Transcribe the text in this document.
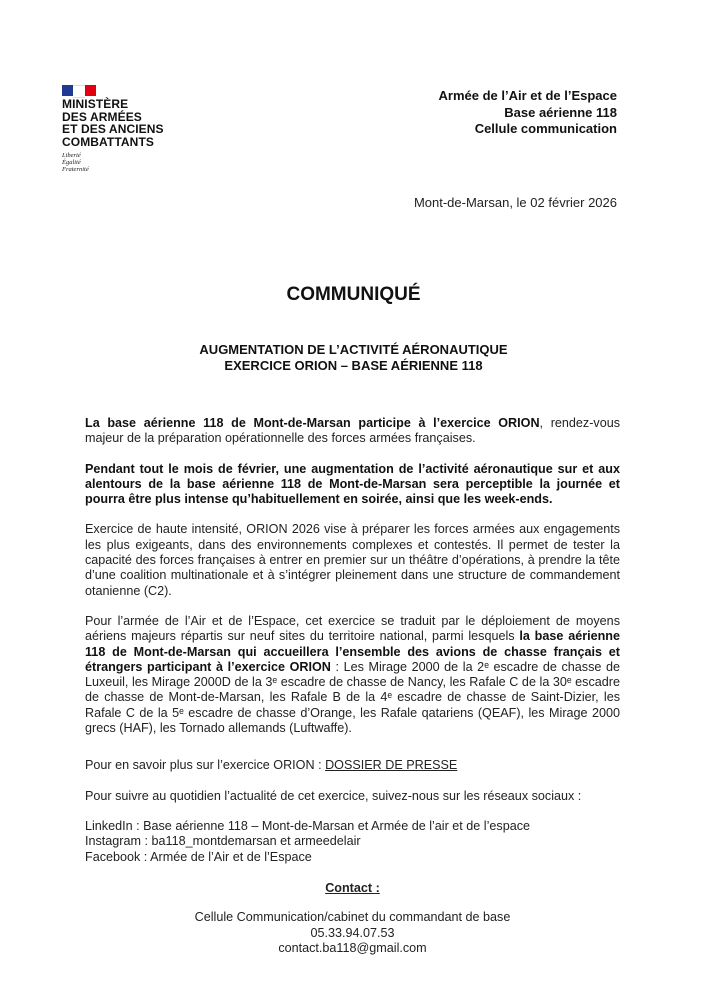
MINISTÈRE
DES ARMÉES
ET DES ANCIENS
COMBATTANTS
Liberté
Égalité
Fraternité
Armée de l’Air et de l’Espace
Base aérienne 118
Cellule communication
Mont-de-Marsan, le 02 février 2026
COMMUNIQUÉ
AUGMENTATION DE L’ACTIVITÉ AÉRONAUTIQUE
EXERCICE ORION – BASE AÉRIENNE 118

La base aérienne 118 de Mont-de-Marsan participe à l’exercice ORION, rendez-vous majeur de la préparation opérationnelle des forces armées françaises.

Pendant tout le mois de février, une augmentation de l’activité aéronautique sur et aux alentours de la base aérienne 118 de Mont-de-Marsan sera perceptible la journée et pourra être plus intense qu’habituellement en soirée, ainsi que les week-ends.

Exercice de haute intensité, ORION 2026 vise à préparer les forces armées aux engagements les plus exigeants, dans des environnements complexes et contestés. Il permet de tester la capacité des forces françaises à entrer en premier sur un théâtre d’opérations, à prendre la tête d’une coalition multinationale et à s’intégrer pleinement dans une structure de commandement otanienne (C2).

Pour l’armée de l’Air et de l’Espace, cet exercice se traduit par le déploiement de moyens aériens majeurs répartis sur neuf sites du territoire national, parmi lesquels la base aérienne 118 de Mont-de-Marsan qui accueillera l’ensemble des avions de chasse français et étrangers participant à l’exercice ORION : Les Mirage 2000 de la 2ᵉ escadre de chasse de Luxeuil, les Mirage 2000D de la 3ᵉ escadre de chasse de Nancy, les Rafale C de la 30ᵉ escadre de chasse de Mont-de-Marsan, les Rafale B de la 4ᵉ escadre de chasse de Saint-Dizier, les Rafale C de la 5ᵉ escadre de chasse d’Orange, les Rafale qatariens (QEAF), les Mirage 2000 grecs (HAF), les Tornado allemands (Luftwaffe).

Pour en savoir plus sur l’exercice ORION : DOSSIER DE PRESSE

Pour suivre au quotidien l’actualité de cet exercice, suivez-nous sur les réseaux sociaux :

LinkedIn : Base aérienne 118 – Mont-de-Marsan et Armée de l’air et de l’espace
Instagram : ba118_montdemarsan et armeedelair
Facebook : Armée de l’Air et de l’Espace
Contact :
Cellule Communication/cabinet du commandant de base
05.33.94.07.53
contact.ba118@gmail.com
